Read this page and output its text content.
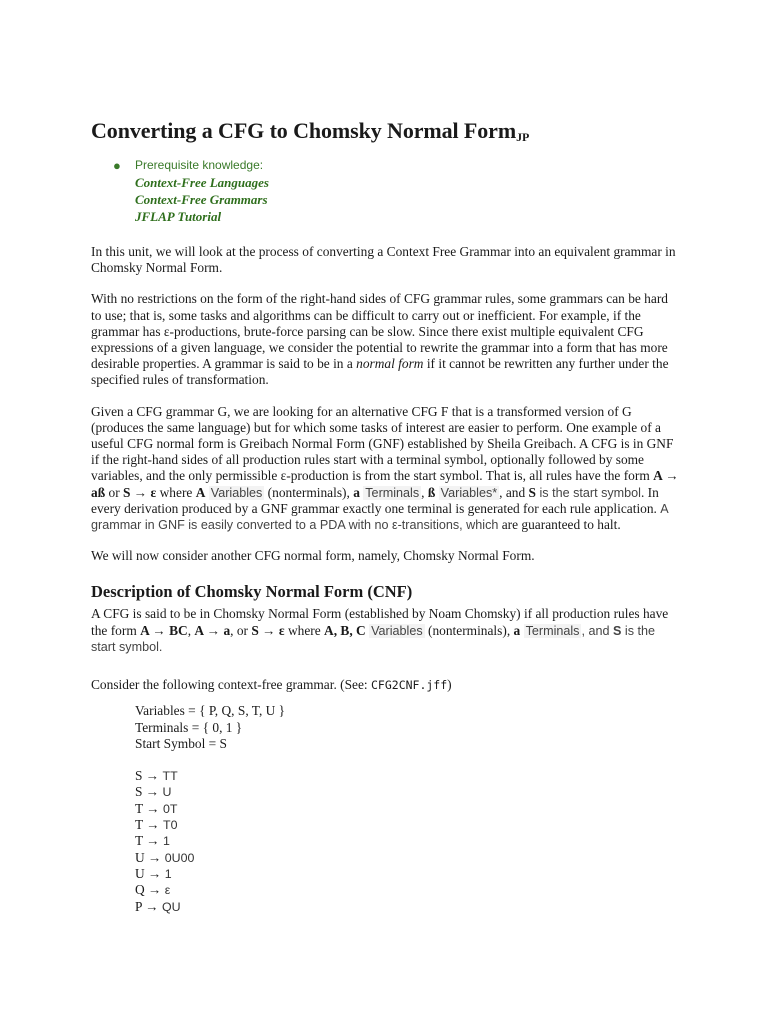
Converting a CFG to Chomsky Normal FormJP
● Prerequisite knowledge:
Context-Free Languages
Context-Free Grammars
JFLAP Tutorial

In this unit, we will look at the process of converting a Context Free Grammar into an equivalent grammar in Chomsky Normal Form.

With no restrictions on the form of the right-hand sides of CFG grammar rules, some grammars can be hard to use; that is, some tasks and algorithms can be difficult to carry out or inefficient. For example, if the grammar has ε-productions, brute-force parsing can be slow. Since there exist multiple equivalent CFG expressions of a given language, we consider the potential to rewrite the grammar into a form that has more desirable properties. A grammar is said to be in a normal form if it cannot be rewritten any further under the specified rules of transformation.

Given a CFG grammar G, we are looking for an alternative CFG F that is a transformed version of G (produces the same language) but for which some tasks of interest are easier to perform. One example of a useful CFG normal form is Greibach Normal Form (GNF) established by Sheila Greibach. A CFG is in GNF if the right-hand sides of all production rules start with a terminal symbol, optionally followed by some variables, and the only permissible ε-production is from the start symbol. That is, all rules have the form A → aß or S → ε where A Variables (nonterminals), a Terminals , ß Variables* , and S is the start symbol. In every derivation produced by a GNF grammar exactly one terminal is generated for each rule application. A grammar in GNF is easily converted to a PDA with no ε-transitions, which are guaranteed to halt.

We will now consider another CFG normal form, namely, Chomsky Normal Form.

Description of Chomsky Normal Form (CNF)

A CFG is said to be in Chomsky Normal Form (established by Noam Chomsky) if all production rules have the form A → BC, A → a, or S → ε where A, B, C Variables (nonterminals), a Terminals , and S is the start symbol.

Consider the following context-free grammar. (See: CFG2CNF.jff)

Variables = { P, Q, S, T, U }
Terminals = { 0, 1 }
Start Symbol = S
S → TT
S → U
T → 0T
T → T0
T → 1
U → 0U00
U → 1
Q → ε
P → QU
